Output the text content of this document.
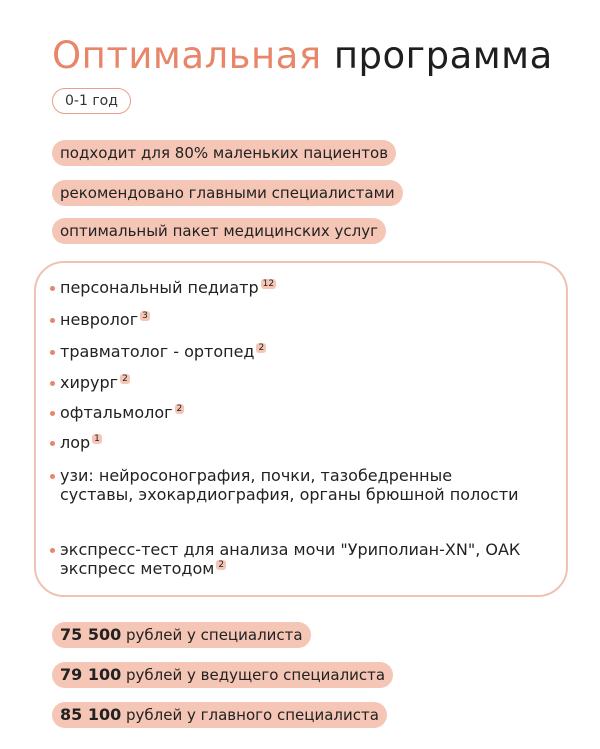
Оптимальная программа
0-1 год
подходит для 80% маленьких пациентов
рекомендовано главными специалистами
оптимальный пакет медицинских услуг
персональный педиатр $^{12}$
невролог $^3$
травматолог - ортопед $^2$
хирург $^2$
офтальмолог $^2$
лор $^1$
узи: нейросонография, почки, тазобедренные суставы, эхокардиография, органы брюшной полости
экспресс-тест для анализа мочи "Уриполиан-XN", ОАК экспресс методом $^2$
75 500 рублей у специалиста
79 100 рублей у ведущего специалиста
85 100 рублей у главного специалиста
